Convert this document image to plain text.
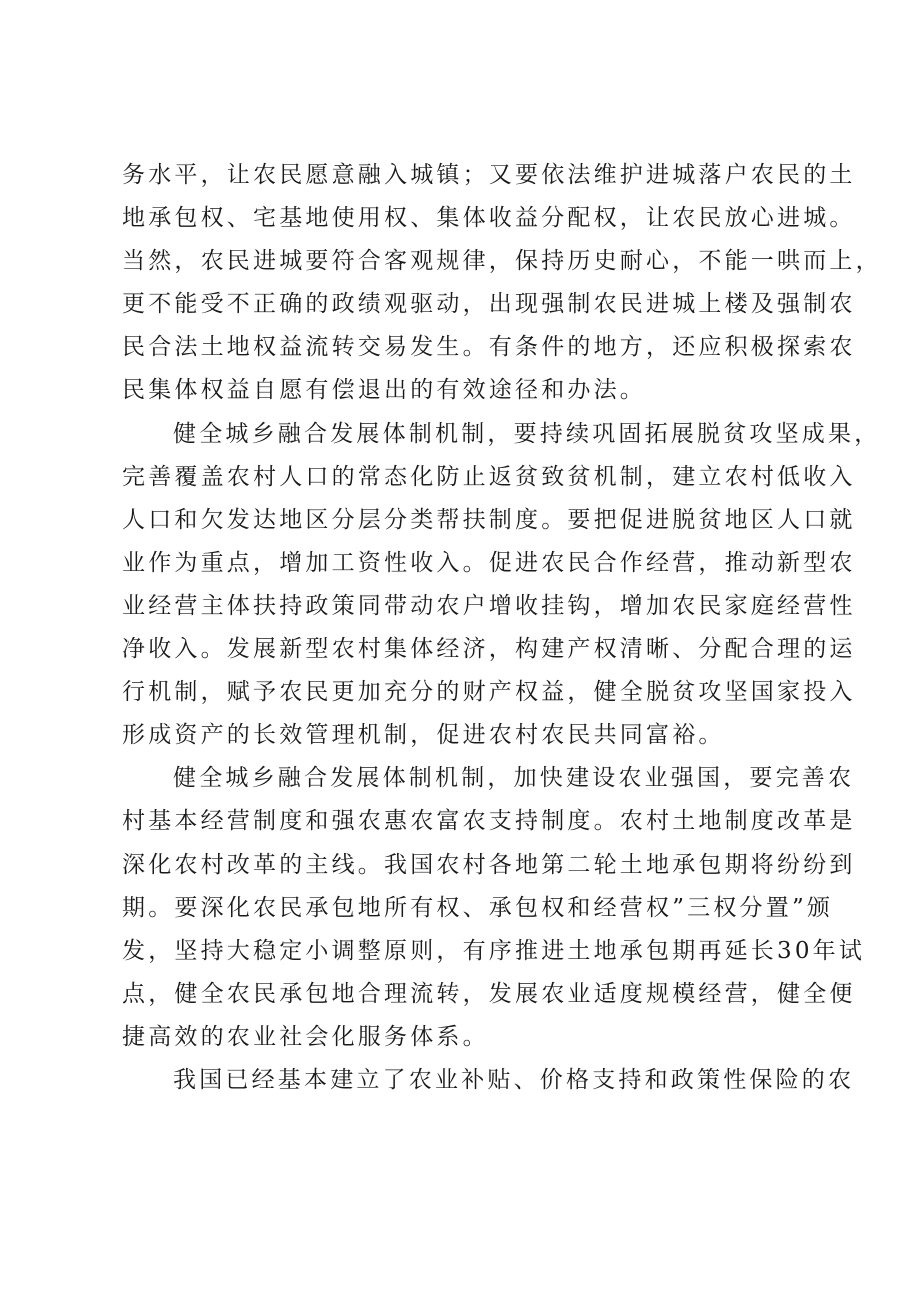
务水平，让农民愿意融入城镇；又要依法维护进城落户农民的土
地承包权、宅基地使用权、集体收益分配权，让农民放心进城。
当然，农民进城要符合客观规律，保持历史耐心，不能一哄而上，
更不能受不正确的政绩观驱动，出现强制农民进城上楼及强制农
民合法土地权益流转交易发生。有条件的地方，还应积极探索农
民集体权益自愿有偿退出的有效途径和办法。
健全城乡融合发展体制机制，要持续巩固拓展脱贫攻坚成果，
完善覆盖农村人口的常态化防止返贫致贫机制，建立农村低收入
人口和欠发达地区分层分类帮扶制度。要把促进脱贫地区人口就
业作为重点，增加工资性收入。促进农民合作经营，推动新型农
业经营主体扶持政策同带动农户增收挂钩，增加农民家庭经营性
净收入。发展新型农村集体经济，构建产权清晰、分配合理的运
行机制，赋予农民更加充分的财产权益，健全脱贫攻坚国家投入
形成资产的长效管理机制，促进农村农民共同富裕。
健全城乡融合发展体制机制，加快建设农业强国，要完善农
村基本经营制度和强农惠农富农支持制度。农村土地制度改革是
深化农村改革的主线。我国农村各地第二轮土地承包期将纷纷到
期。要深化农民承包地所有权、承包权和经营权”三权分置”颁
发，坚持大稳定小调整原则，有序推进土地承包期再延长30年试
点，健全农民承包地合理流转，发展农业适度规模经营，健全便
捷高效的农业社会化服务体系。
我国已经基本建立了农业补贴、价格支持和政策性保险的农
